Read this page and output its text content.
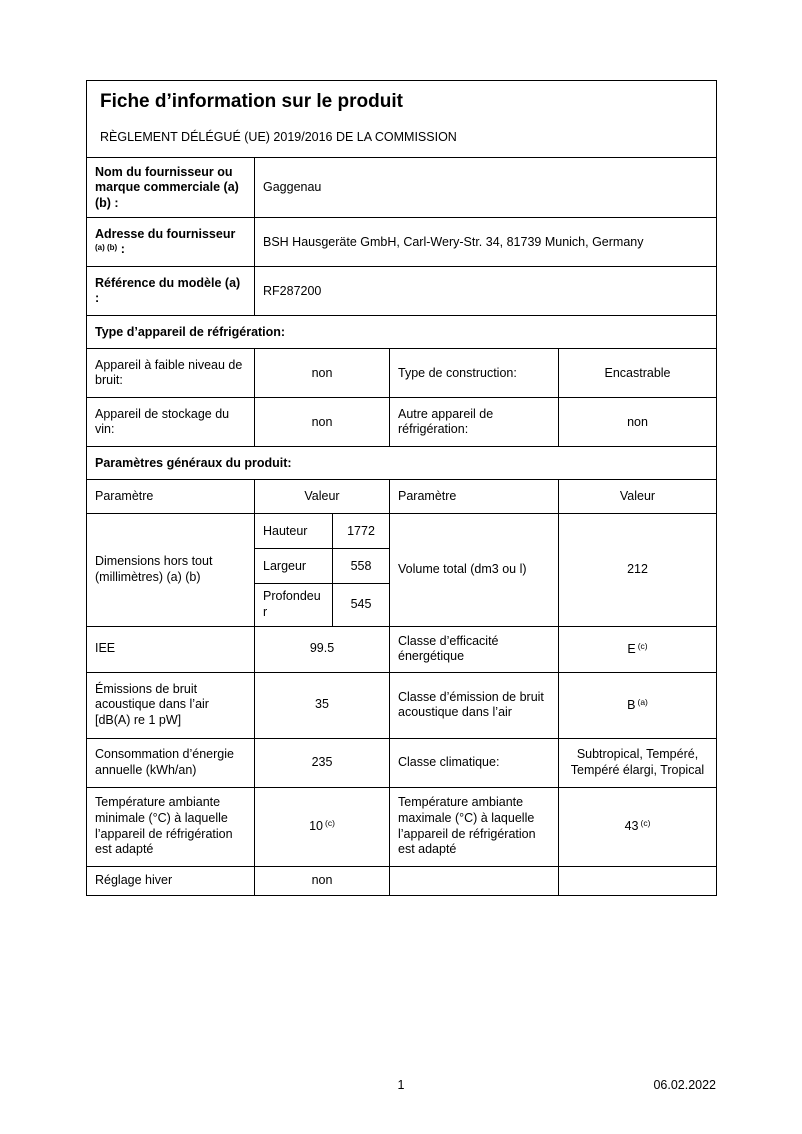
Fiche d’information sur le produit
RÈGLEMENT DÉLÉGUÉ (UE) 2019/2016 DE LA COMMISSION				

Nom du fournisseur ou marque commerciale (a) (b) :	Gaggenau			
Adresse du fournisseur
$^{(a) (b)}$ :	BSH Hausgeräte GmbH, Carl-Wery-Str. 34, 81739 Munich, Germany			
Référence du modèle (a) :	RF287200			
Type d’appareil de réfrigération:				
Appareil à faible niveau de bruit:	non		Type de construction:	Encastrable
Appareil de stockage du vin:	non		Autre appareil de réfrigération:	non
Paramètres généraux du produit:				
Paramètre	Valeur		Paramètre	Valeur
Dimensions hors tout (millimètres) (a) (b)	Hauteur	1772	Volume total (dm3 ou l)	212
	Largeur	558		
	Profondeur	545		
IEE	99.5		Classe d’efficacité énergétique	E $^{(c)}$
Émissions de bruit acoustique dans l’air [dB(A) re 1 pW]	35		Classe d’émission de bruit acoustique dans l’air	B $^{(a)}$
Consommation d’énergie annuelle (kWh/an)	235		Classe climatique:	Subtropical, Tempéré, Tempéré élargi, Tropical
Température ambiante minimale (°C) à laquelle l’appareil de réfrigération est adapté	10 $^{(c)}$		Température ambiante maximale (°C) à laquelle l’appareil de réfrigération est adapté	43 $^{(c)}$
Réglage hiver	non			
1	06.02.2022
